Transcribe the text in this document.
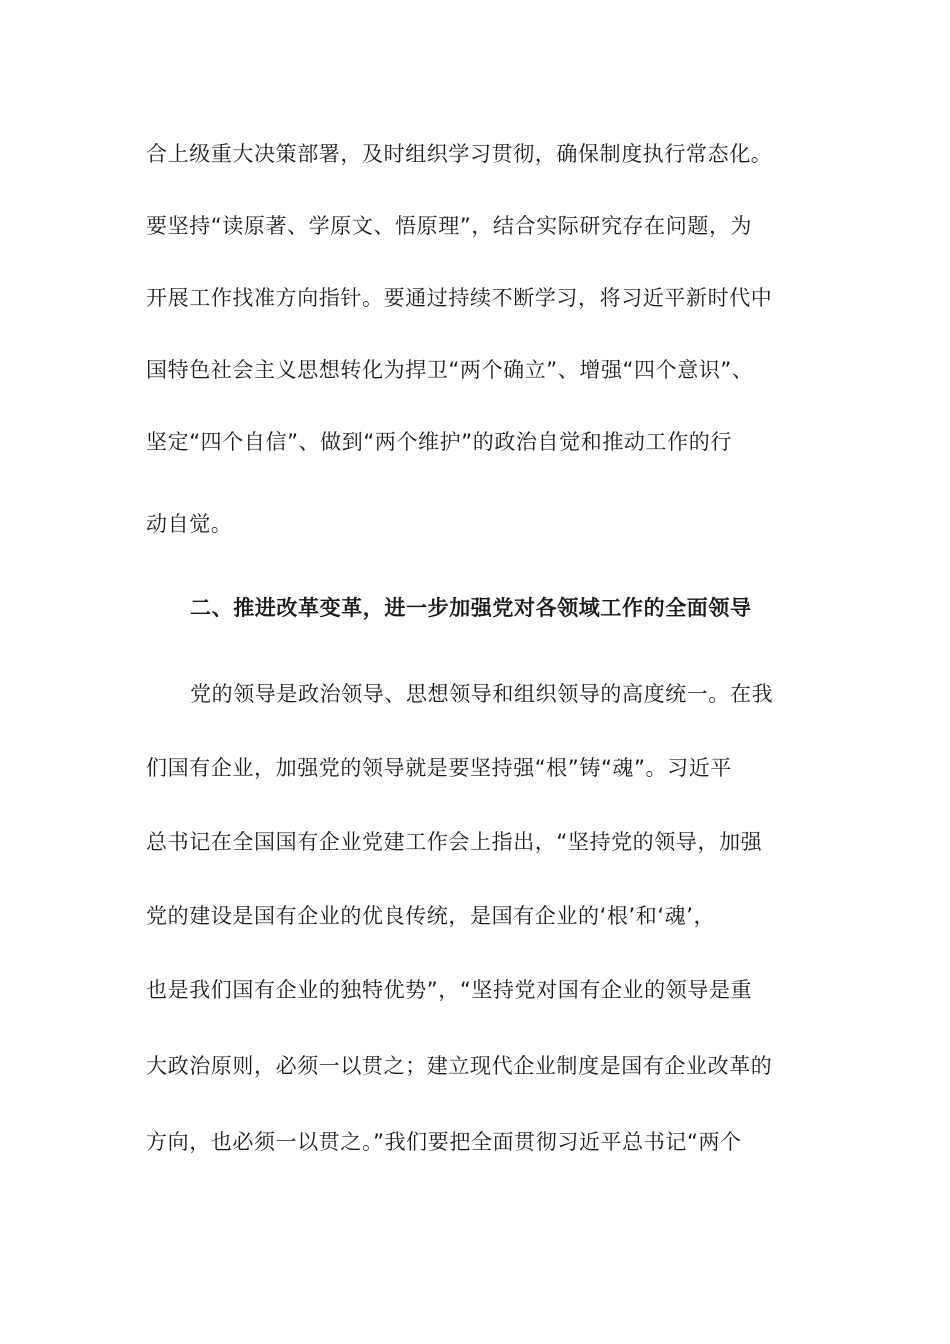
合上级重大决策部署，及时组织学习贯彻，确保制度执行常态化。
要坚持“读原著、学原文、悟原理”，结合实际研究存在问题，为
开展工作找准方向指针。要通过持续不断学习，将习近平新时代中
国特色社会主义思想转化为捍卫“两个确立”、增强“四个意识”、
坚定“四个自信”、做到“两个维护”的政治自觉和推动工作的行
动自觉。
二、推进改革变革，进一步加强党对各领域工作的全面领导
党的领导是政治领导、思想领导和组织领导的高度统一。在我
们国有企业，加强党的领导就是要坚持强“根”铸“魂”。习近平
总书记在全国国有企业党建工作会上指出，“坚持党的领导，加强
党的建设是国有企业的优良传统，是国有企业的‘根’和‘魂’，
也是我们国有企业的独特优势”，“坚持党对国有企业的领导是重
大政治原则，必须一以贯之；建立现代企业制度是国有企业改革的
方向，也必须一以贯之。”我们要把全面贯彻习近平总书记“两个
